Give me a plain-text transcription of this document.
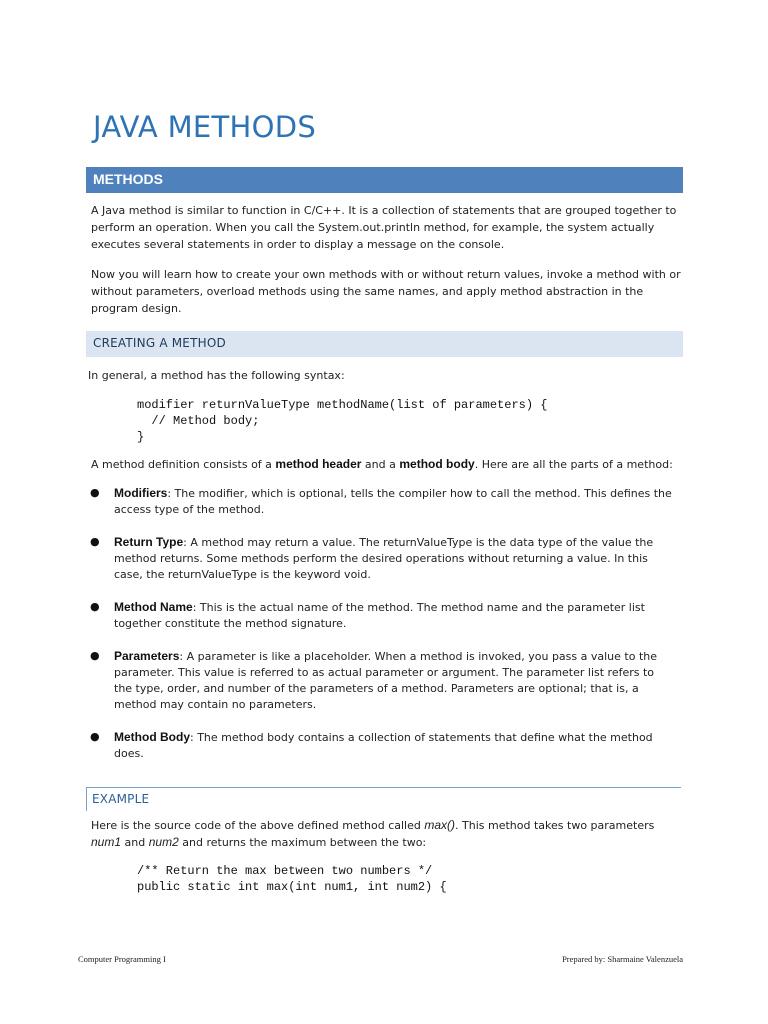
JAVA METHODS
METHODS

A Java method is similar to function in C/C++. It is a collection of statements that are grouped together to perform an operation. When you call the System.out.println method, for example, the system actually executes several statements in order to display a message on the console.

Now you will learn how to create your own methods with or without return values, invoke a method with or without parameters, overload methods using the same names, and apply method abstraction in the program design.

CREATING A METHOD

In general, a method has the following syntax:

modifier returnValueType methodName(list of parameters) {
// Method body;
}

A method definition consists of a method header and a method body. Here are all the parts of a method:

● Modifiers: The modifier, which is optional, tells the compiler how to call the method. This defines the access type of the method.
● Return Type: A method may return a value. The returnValueType is the data type of the value the method returns. Some methods perform the desired operations without returning a value. In this case, the returnValueType is the keyword void.
● Method Name: This is the actual name of the method. The method name and the parameter list together constitute the method signature.
● Parameters: A parameter is like a placeholder. When a method is invoked, you pass a value to the parameter. This value is referred to as actual parameter or argument. The parameter list refers to the type, order, and number of the parameters of a method. Parameters are optional; that is, a method may contain no parameters.
● Method Body: The method body contains a collection of statements that define what the method does.
EXAMPLE

Here is the source code of the above defined method called max(). This method takes two parameters num1 and num2 and returns the maximum between the two:

/** Return the max between two numbers */
public static int max(int num1, int num2) {
Computer Programming I	Prepared by: Sharmaine Valenzuela
